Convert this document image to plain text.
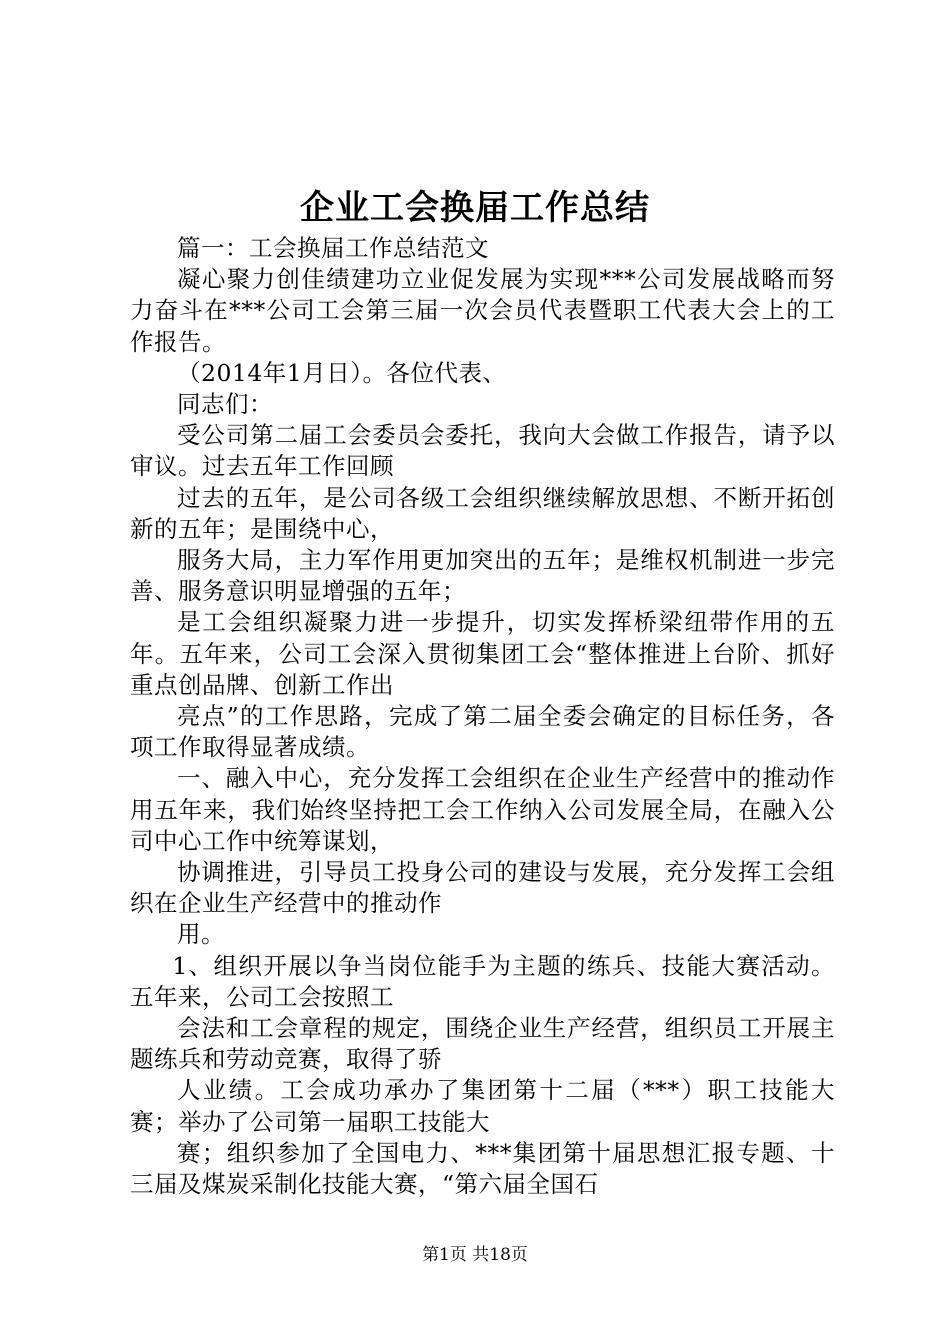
企业工会换届工作总结

篇一：工会换届工作总结范文

凝心聚力创佳绩建功立业促发展为实现***公司发展战略而努力奋斗在***公司工会第三届一次会员代表暨职工代表大会上的工作报告。

（2014年1月日）。各位代表、

同志们：

受公司第二届工会委员会委托，我向大会做工作报告，请予以审议。过去五年工作回顾

过去的五年，是公司各级工会组织继续解放思想、不断开拓创新的五年；是围绕中心，

服务大局，主力军作用更加突出的五年；是维权机制进一步完善、服务意识明显增强的五年；

是工会组织凝聚力进一步提升，切实发挥桥梁纽带作用的五年。五年来，公司工会深入贯彻集团工会“整体推进上台阶、抓好重点创品牌、创新工作出

亮点”的工作思路，完成了第二届全委会确定的目标任务，各项工作取得显著成绩。

一、融入中心，充分发挥工会组织在企业生产经营中的推动作用五年来，我们始终坚持把工会工作纳入公司发展全局，在融入公司中心工作中统筹谋划，

协调推进，引导员工投身公司的建设与发展，充分发挥工会组织在企业生产经营中的推动作

用。

1、组织开展以争当岗位能手为主题的练兵、技能大赛活动。五年来，公司工会按照工

会法和工会章程的规定，围绕企业生产经营，组织员工开展主题练兵和劳动竞赛，取得了骄

人业绩。工会成功承办了集团第十二届（***）职工技能大赛；举办了公司第一届职工技能大

赛；组织参加了全国电力、***集团第十届思想汇报专题、十三届及煤炭采制化技能大赛，“第六届全国石

第1页 共18页
